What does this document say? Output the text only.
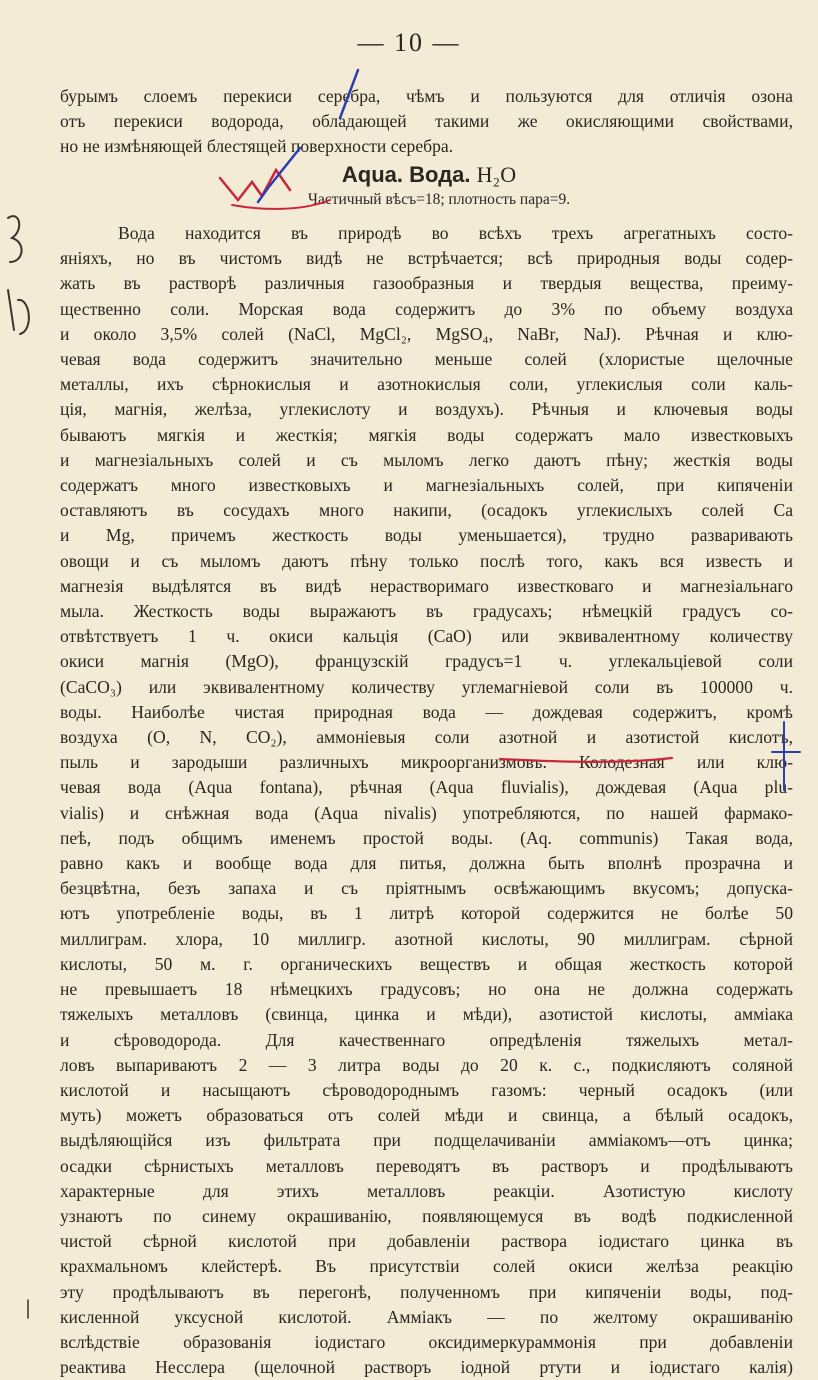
— 10 —
бурымъ слоемъ перекиси серебра, чѣмъ и пользуются для отличія озона
отъ перекиси водорода, обладающей такими же окисляющими свойствами,
но не измѣняющей блестящей поверхности серебра.
Aqua. Вода. H₂O
Частичный вѣсъ=18; плотность пара=9.
Вода находится въ природѣ во всѣхъ трехъ агрегатныхъ состо-
яніяхъ, но въ чистомъ видѣ не встрѣчается; всѣ природныя воды содер-
жать въ растворѣ различныя газообразныя и твердыя вещества, преиму-
щественно соли. Морская вода содержитъ до 3% по объему воздуха
и около 3,5% солей (NaCl, MgCl₂, MgSO₄, NaBr, NaJ). Рѣчная и клю-
чевая вода содержитъ значительно меньше солей (хлористые щелочные
металлы, ихъ сѣрнокислыя и азотнокислыя соли, углекислыя соли каль-
ція, магнія, желѣза, углекислоту и воздухъ). Рѣчныя и ключевыя воды
бываютъ мягкія и жесткія; мягкія воды содержатъ мало известковыхъ
и магнезіальныхъ солей и съ мыломъ легко даютъ пѣну; жесткія воды
содержатъ много известковыхъ и магнезіальныхъ солей, при кипяченіи
оставляютъ въ сосудахъ много накипи, (осадокъ углекислыхъ солей Са
и Mg, причемъ жесткость воды уменьшается), трудно разваривають
овощи и съ мыломъ даютъ пѣну только послѣ того, какъ вся известь и
магнезія выдѣлятся въ видѣ нерастворимаго известковаго и магнезіальнаго
мыла. Жесткость воды выражаютъ въ градусахъ; нѣмецкій градусъ со-
отвѣтствуетъ 1 ч. окиси кальція (CaO) или эквивалентному количеству
окиси магнія (MgO), французскій градусъ=1 ч. углекальціевой соли
(CaCO₃) или эквивалентному количеству углемагніевой соли въ 100000 ч.
воды. Наиболѣе чистая природная вода — дождевая содержитъ, кромѣ
воздуха (O, N, CO₂), аммоніевыя соли азотной и азотистой кислотъ,
пыль и зародыши различныхъ микроорганизмовъ. Колодезная или клю-
чевая вода (Aqua fontana), рѣчная (Aqua fluvialis), дождевая (Aqua plu-
vialis) и снѣжная вода (Aqua nivalis) употребляются, по нашей фармако-
пеѣ, подъ общимъ именемъ простой воды. (Aq. communis) Такая вода,
равно какъ и вообще вода для питья, должна быть вполнѣ прозрачна и
безцвѣтна, безъ запаха и съ пріятнымъ освѣжающимъ вкусомъ; допуска-
ютъ употребленіе воды, въ 1 литрѣ которой содержится не болѣе 50
миллиграм. хлора, 10 миллигр. азотной кислоты, 90 миллиграм. сѣрной
кислоты, 50 м. г. органическихъ веществъ и общая жесткость которой
не превышаетъ 18 нѣмецкихъ градусовъ; но она не должна содержать
тяжелыхъ металловъ (свинца, цинка и мѣди), азотистой кислоты, аммiака
и сѣроводорода. Для качественнаго опредѣленія тяжелыхъ метал-
ловъ выпариваютъ 2 — 3 литра воды до 20 к. с., подкисляютъ соляной
кислотой и насыщаютъ сѣроводороднымъ газомъ: черный осадокъ (или
муть) можетъ образоваться отъ солей мѣди и свинца, а бѣлый осадокъ,
выдѣляющійся изъ фильтрата при подщелачиваніи аммiакомъ—отъ цинка;
осадки сѣрнистыхъ металловъ переводятъ въ растворъ и продѣлываютъ
характерные для этихъ металловъ реакціи. Азотистую кислоту
узнаютъ по синему окрашиванію, появляющемуся въ водѣ подкисленной
чистой сѣрной кислотой при добавленіи раствора іодистаго цинка въ
крахмальномъ клейстерѣ. Въ присутствіи солей окиси желѣза реакцію
эту продѣлываютъ въ перегонѣ, полученномъ при кипяченіи воды, под-
кисленной уксусной кислотой. Аммiакъ — по желтому окрашиванію
вслѣдствіе образованія іодистаго оксидимеркураммонія при добавленіи
реактива Несслера (щелочной растворъ іодной ртути и іодистаго калія)
